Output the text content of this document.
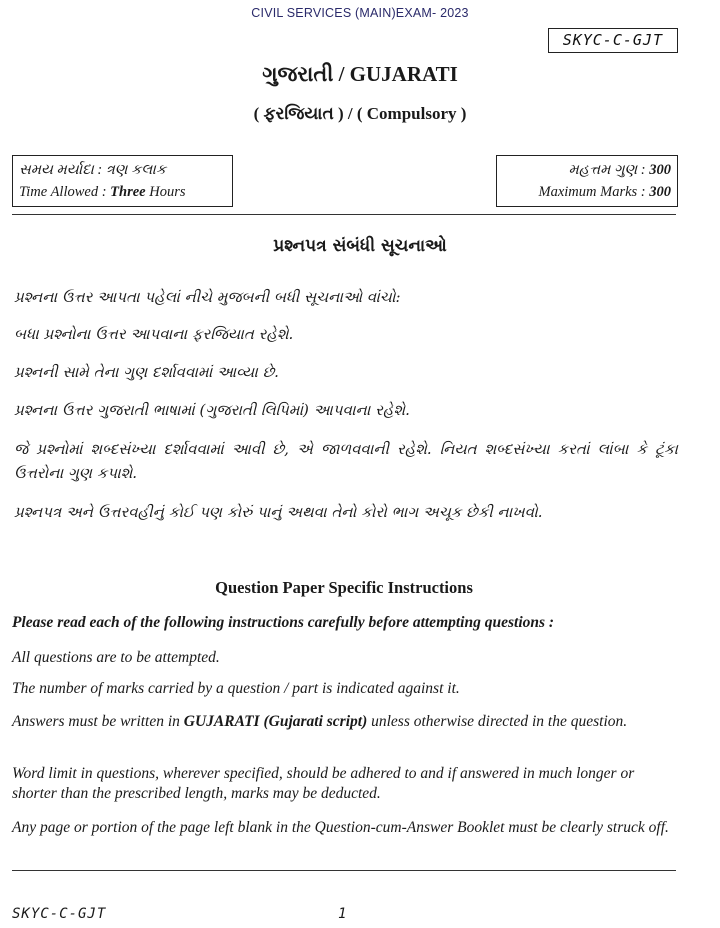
CIVIL SERVICES (MAIN)EXAM- 2023
SKYC-C-GJT
ગુજરાતી / GUJARATI
( ફરજિયાત ) / ( Compulsory )
સમય મર્યાદા : ત્રણ કલાક
Time Allowed : Three Hours
મહત્તમ ગુણ : 300
Maximum Marks : 300
પ્રશ્નપત્ર સંબંધી સૂચનાઓ
પ્રશ્નના ઉત્તર આપતા પહેલાં નીચે મુજબની બધી સૂચનાઓ વાંચો:
બધા પ્રશ્નોના ઉત્તર આપવાના ફરજિયાત રહેશે.
પ્રશ્નની સામે તેના ગુણ દર્શાવવામાં આવ્યા છે.
પ્રશ્નના ઉત્તર ગુજરાતી ભાષામાં (ગુજરાતી લિપિમાં) આપવાના રહેશે.
જે પ્રશ્નોમાં શબ્દસંખ્યા દર્શાવવામાં આવી છે, એ જાળવવાની રહેશે. નિયત શબ્દસંખ્યા કરતાં લાંબા કે ટૂંકા ઉત્તરોના ગુણ કપાશે.
પ્રશ્નપત્ર અને ઉત્તરવહીનું કોઈ પણ કોરું પાનું અથવા તેનો કોરો ભાગ અચૂક છેકી નાખવો.
Question Paper Specific Instructions
Please read each of the following instructions carefully before attempting questions :
All questions are to be attempted.
The number of marks carried by a question / part is indicated against it.
Answers must be written in GUJARATI (Gujarati script) unless otherwise directed in the question.
Word limit in questions, wherever specified, should be adhered to and if answered in much longer or shorter than the prescribed length, marks may be deducted.
Any page or portion of the page left blank in the Question-cum-Answer Booklet must be clearly struck off.
SKYC-C-GJT	1
